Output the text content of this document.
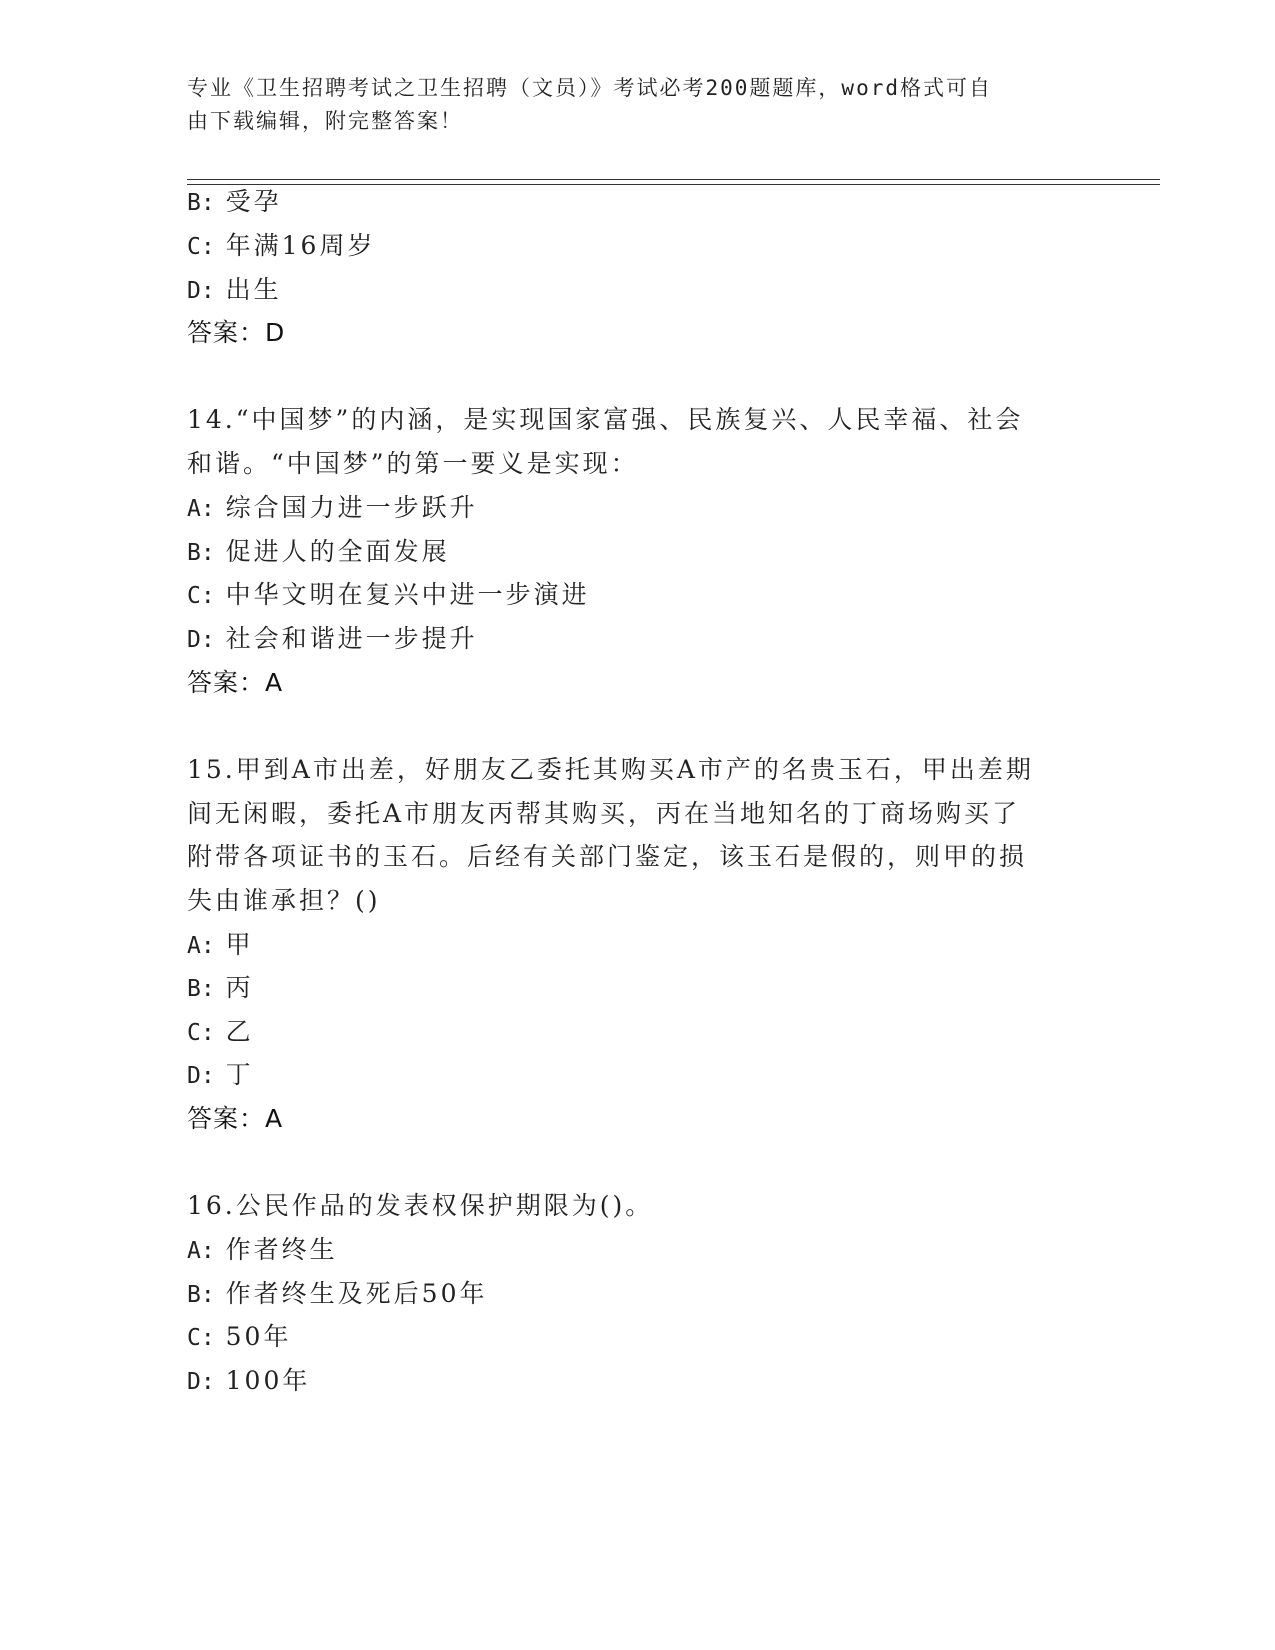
专业《卫生招聘考试之卫生招聘（文员）》考试必考200题题库，word格式可自
由下载编辑，附完整答案！
B: 受孕
C: 年满16周岁
D: 出生
答案：D
14.“中国梦”的内涵，是实现国家富强、民族复兴、人民幸福、社会
和谐。“中国梦”的第一要义是实现：
A: 综合国力进一步跃升
B: 促进人的全面发展
C: 中华文明在复兴中进一步演进
D: 社会和谐进一步提升
答案：A
15.甲到A市出差，好朋友乙委托其购买A市产的名贵玉石，甲出差期
间无闲暇，委托A市朋友丙帮其购买，丙在当地知名的丁商场购买了
附带各项证书的玉石。后经有关部门鉴定，该玉石是假的，则甲的损
失由谁承担？()
A: 甲
B: 丙
C: 乙
D: 丁
答案：A
16.公民作品的发表权保护期限为()。
A: 作者终生
B: 作者终生及死后50年
C: 50年
D: 100年
